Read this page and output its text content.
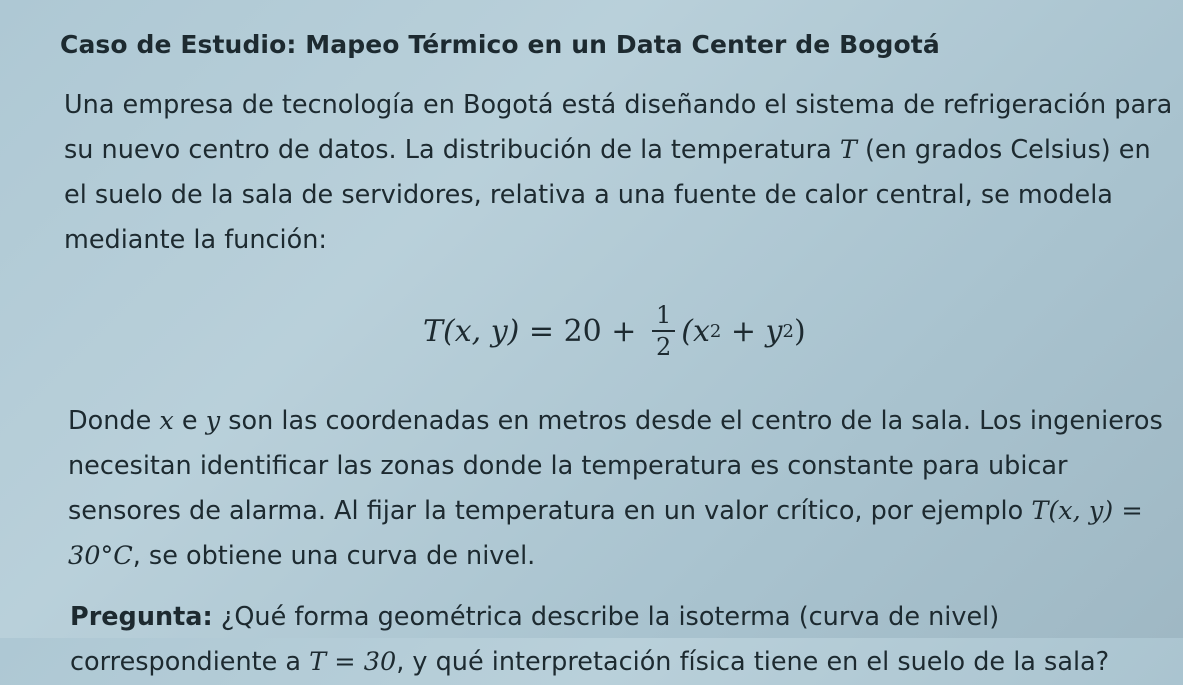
Caso de Estudio: Mapeo Térmico en un Data Center de Bogotá

Una empresa de tecnología en Bogotá está diseñando el sistema de refrigeración para su nuevo centro de datos. La distribución de la temperatura T (en grados Celsius) en el suelo de la sala de servidores, relativa a una fuente de calor central, se modela mediante la función:

T(x, $y) = 20 + \frac{1}{2} (x$ 2 + y 2 )

Donde x e y son las coordenadas en metros desde el centro de la sala. Los ingenieros necesitan identificar las zonas donde la temperatura es constante para ubicar sensores de alarma. Al fijar la temperatura en un valor crítico, por ejemplo T(x, y) = 30°C, se obtiene una curva de nivel.

Pregunta: ¿Qué forma geométrica describe la isoterma (curva de nivel) correspondiente a T = 30, y qué interpretación física tiene en el suelo de la sala?
